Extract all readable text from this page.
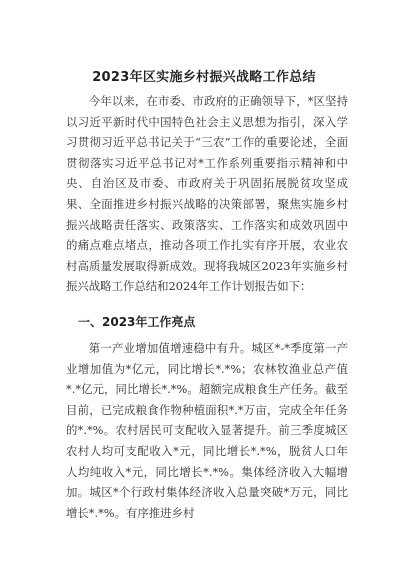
2023年区实施乡村振兴战略工作总结

今年以来，在市委、市政府的正确领导下，*区坚持以习近平新时代中国特色社会主义思想为指引，深入学习贯彻习近平总书记关于“三农”工作的重要论述，全面贯彻落实习近平总书记对*工作系列重要指示精神和中央、自治区及市委、市政府关于巩固拓展脱贫攻坚成果、全面推进乡村振兴战略的决策部署，聚焦实施乡村振兴战略责任落实、政策落实、工作落实和成效巩固中的痛点难点堵点，推动各项工作扎实有序开展，农业农村高质量发展取得新成效。现将我城区2023年实施乡村振兴战略工作总结和2024年工作计划报告如下：

一、2023年工作亮点

第一产业增加值增速稳中有升。城区*-*季度第一产业增加值为*亿元，同比增长*.*%；农林牧渔业总产值*.*亿元，同比增长*.*%。超额完成粮食生产任务。截至目前，已完成粮食作物种植面积*.*万亩，完成全年任务的*.*%。农村居民可支配收入显著提升。前三季度城区农村人均可支配收入*元，同比增长*.*%，脱贫人口年人均纯收入*元，同比增长*.*%。集体经济收入大幅增加。城区*个行政村集体经济收入总量突破*万元，同比增长*.*%。有序推进乡村
